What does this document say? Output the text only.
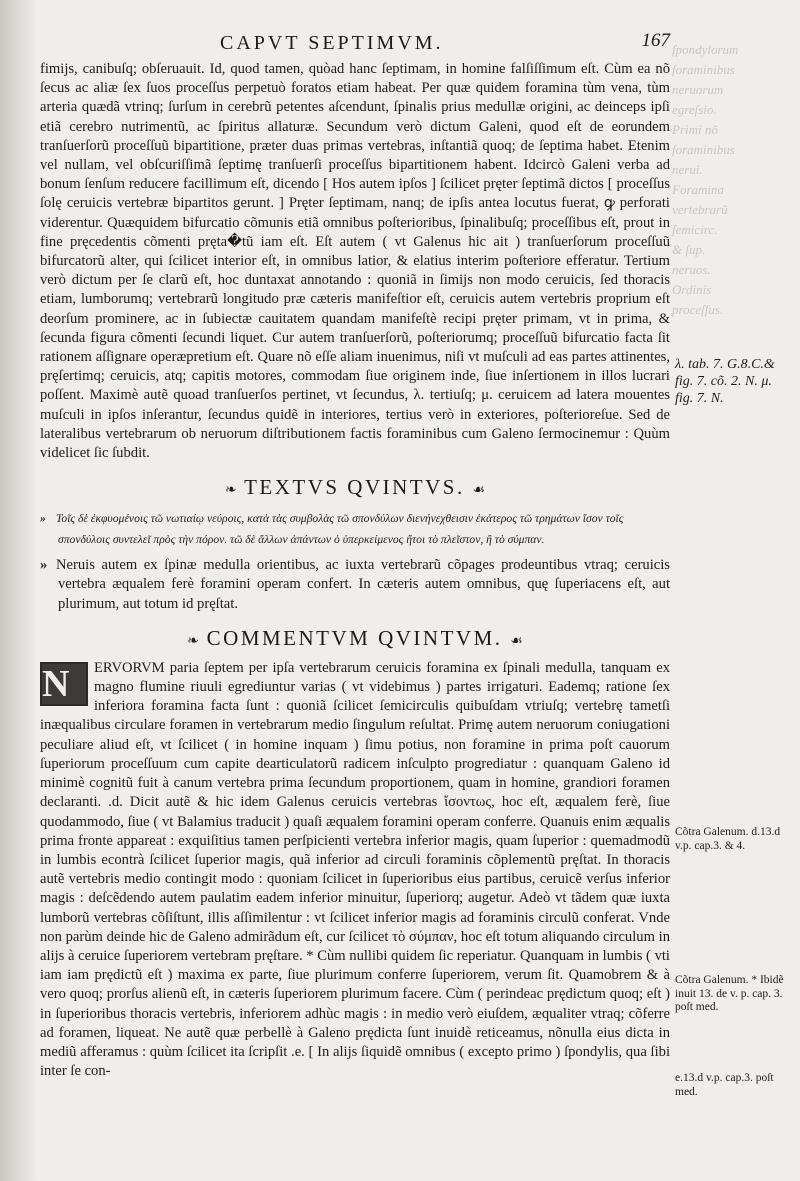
ſpondylorum
foraminibus
neruorum
egreſsio.
Primi nõ
foraminibus
nerui.
Foramina
vertebrarũ
ſemicirc.
& ſup.
neruos.
Ordinis
proceſſus.
CAPVT SEPTIMVM.	167

fimijs, canibuſq; obſeruauit. Id, quod tamen, quòad hanc ſeptimam, in homine falſiſſimum eſt. Cùm ea nõ ſecus ac aliæ ſex ſuos proceſſus perpetuò foratos etiam habeat. Per quæ quidem foramina tùm vena, tùm arteria quædã vtrinq; ſurſum in cerebrũ petentes aſcendunt, ſpinalis prius medullæ origini, ac deinceps ipſi etiã cerebro nutrimentũ, ac ſpiritus allaturæ. Secundum verò dictum Galeni, quod eſt de eorundem tranſuerſorũ proceſſuũ bipartitione, præter duas primas vertebras, inſtantiã quoq; de ſeptima habet. Etenim vel nullam, vel obſcuriſſimã ſeptimę tranſuerſi proceſſus bipartitionem habent. Idcircò Galeni verba ad bonum ſenſum reducere facillimum eſt, dicendo [ Hos autem ipſos ] ſcilicet pręter ſeptimã dictos [ proceſſus ſolę ceruicis vertebræ bipartitos gerunt. ] Pręter ſeptimam, nanq; de ipſis antea locutus fuerat, ꝙ perforati viderentur. Quæquidem bifurcatio cõmunis etiã omnibus poſterioribus, ſpinalibuſq; proceſſibus eſt, prout in fine pręcedentis cõmenti pręta�tũ iam eſt. Eſt autem ( vt Galenus hic ait ) tranſuerſorum proceſſuũ bifurcatorũ alter, qui ſcilicet interior eſt, in omnibus latior, & elatius interim poſteriore efferatur. Tertium verò dictum per ſe clarũ eſt, hoc duntaxat annotando : quoniã in ſimijs non modo ceruicis, ſed thoracis etiam, lumborumq; vertebrarũ longitudo præ cæteris manifeſtior eſt, ceruicis autem vertebris proprium eſt deorſum prominere, ac in ſubiectæ cauitatem quandam manifeſtè recipi pręter primam, vt in prima, & ſecunda figura cõmenti ſecundi liquet. Cur autem tranſuerſorũ, poſteriorumq; proceſſuũ bifurcatio facta ſit rationem aſſignare operæpretium eſt. Quare nõ eſſe aliam inuenimus, niſi vt muſculi ad eas partes attinentes, pręſertimq; ceruicis, atq; capitis motores, commodam ſiue originem inde, ſiue inſertionem in illos lucrari poſſent. Maximè autẽ quoad tranſuerſos pertinet, vt ſecundus, λ. tertiuſq; μ. ceruicem ad latera mouentes muſculi in ipſos inſerantur, ſecundus quidẽ in interiores, tertius verò in exteriores, poſterioreſue. Sed de lateralibus vertebrarum ob neruorum diſtributionem factis foraminibus cum Galeno ſermocinemur : Quùm videlicet ſic ſubdit.

❧ TEXTVS QVINTVS. ☙

» Τοῖς δὲ ἐκφυομένοις τῶ νωτιαίῳ νεύροις, κατὰ τὰς συμβολὰς τῶ σπονδύλων διενήνεχθεισιν ἑκάτερος τῶ τρημάτων ἴσον τοῖς σπονδύλοις συντελεῖ πρὸς τὴν πόρον. τῶ δὲ ἄλλων ἁπάντων ὁ ὑπερκείμενος ἤτοι τὸ πλεῖστον, ἢ τὸ σύμπαν.

» Neruis autem ex ſpinæ medulla orientibus, ac iuxta vertebrarũ cõpages prodeuntibus vtraq; ceruicis vertebra æqualem ferè foramini operam confert. In cæteris autem omnibus, quę ſuperiacens eſt, aut plurimum, aut totum id pręſtat.

❧ COMMENTVM QVINTVM. ☙

N	ERVORVM paria ſeptem per ipſa vertebrarum ceruicis foramina ex ſpinali medulla, tanquam ex magno flumine riuuli egrediuntur varias ( vt videbimus ) partes irrigaturi. Eademq; ratione ſex inferiora foramina facta ſunt : quoniã ſcilicet ſemicirculis quibuſdam vtriuſq; vertebrę tametſi inæqualibus circulare foramen in vertebrarum medio ſingulum reſultat. Primę autem neruorum coniugationi peculiare aliud eſt, vt ſcilicet ( in homine inquam ) ſimu potius, non foramine in prima poſt cauorum ſuperiorum proceſſuum cum capite dearticulatorũ radicem inſculpto progrediatur : quanquam Galeno id minimè cognitũ fuit à canum vertebra prima ſecundum proportionem, quam in homine, grandiori foramen declaranti. .d. Dicit autẽ & hic idem Galenus ceruicis vertebras ἴσοντως, hoc eſt, æqualem ferè, ſiue quodammodo, ſiue ( vt Balamius traducit ) quaſi æqualem foramini operam conferre. Quanuis enim æqualis prima fronte appareat : exquiſitius tamen perſpicienti vertebra inferior magis, quam ſuperior : quemadmodũ in lumbis econtrà ſcilicet ſuperior magis, quã inferior ad circuli foraminis cõplementũ pręſtat. In thoracis autẽ vertebris medio contingit modo : quoniam ſcilicet in ſuperioribus eius partibus, ceruicẽ verſus inferior magis : deſcẽdendo autem paulatim eadem inferior minuitur, ſuperiorq; augetur. Adeò vt tãdem quæ iuxta lumborũ vertebras cõſiſtunt, illis aſſimilentur : vt ſcilicet inferior magis ad foraminis circulũ conferat. Vnde non parùm deinde hic de Galeno admirãdum eſt, cur ſcilicet τὸ σύμπαν, hoc eſt totum aliquando circulum in alijs à ceruice ſuperiorem vertebram pręſtare. * Cùm nullibi quidem ſic reperiatur. Quanquam in lumbis ( vti iam iam prędictũ eſt ) maxima ex parte, ſiue plurimum conferre ſuperiorem, verum ſit. Quamobrem & à vero quoq; prorſus alienũ eſt, in cæteris ſuperiorem plurimum facere. Cùm ( perindeac prędictum quoq; eſt ) in ſuperioribus thoracis vertebris, inferiorem adhùc magis : in medio verò eiuſdem, æqualiter vtraq; cõferre ad foramen, liqueat. Ne autẽ quæ perbellè à Galeno prędicta ſunt inuidè reticeamus, nõnulla eius dicta in mediũ afferamus : quùm ſcilicet ita ſcripſit .e. [ In alijs ſiquidẽ omnibus ( excepto primo ) ſpondylis, qua ſibi inter ſe con-

λ. tab. 7. G.8.C.& fig. 7. cõ. 2. N. μ. fig. 7. N.
Cõtra Galenum. d.13.d v.p. cap.3. & 4.
Cõtra Galenum. * Ibidẽ inuit 13. de v. p. cap. 3. poſt med.
e.13.d v.p. cap.3. poſt med.
